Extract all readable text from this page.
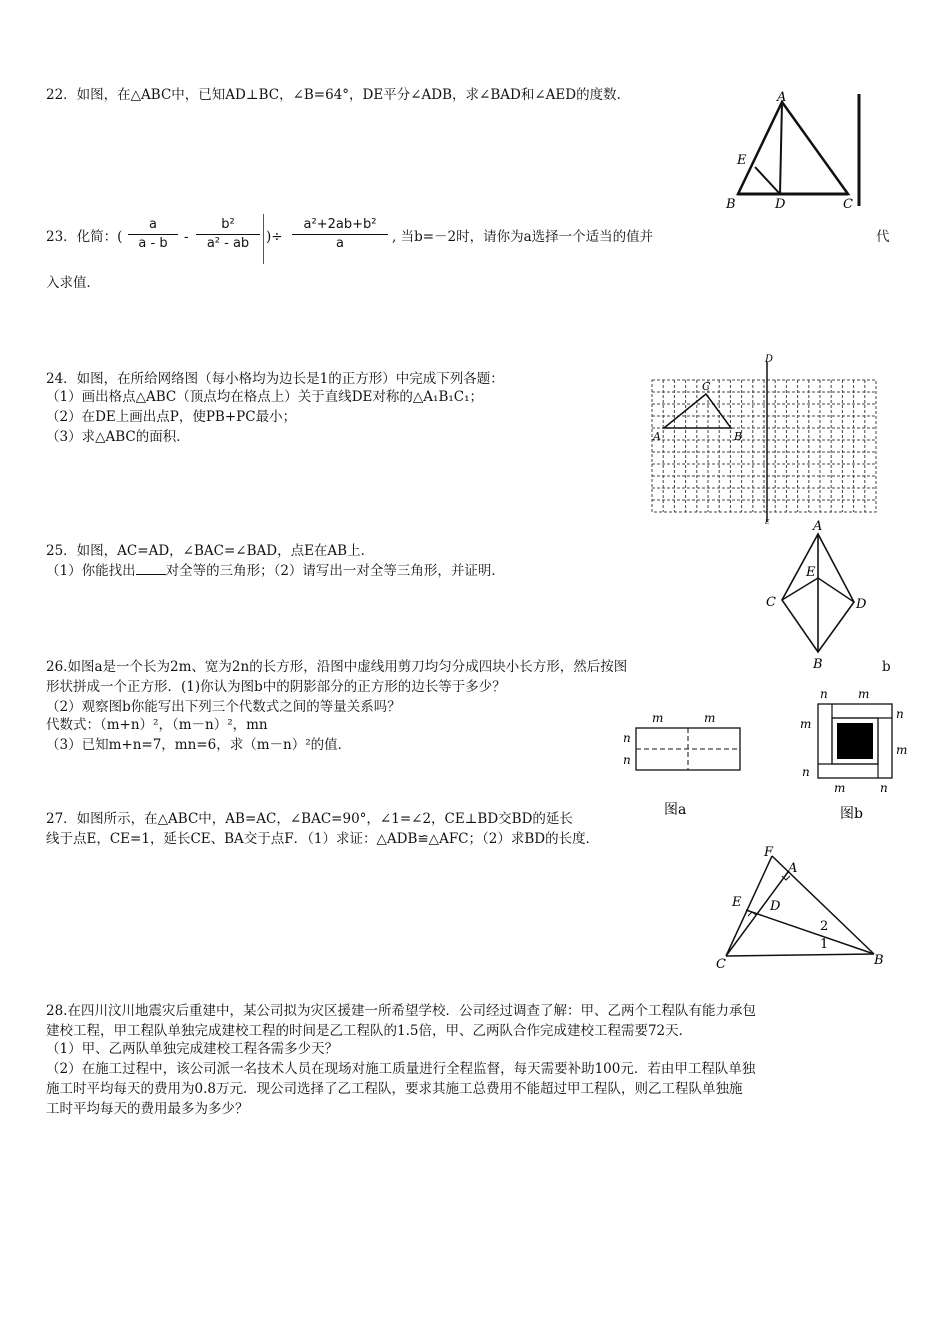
22．如图，在△ABC中，已知AD⊥BC，∠B=64°，DE平分∠ADB，求∠BAD和∠AED的度数．	A
B	C
D
E
23．化简：(
a
a - b	-
b²
a² - ab	)÷
a²+2ab+b²
a	, 当b=－2时，请你为a选择一个适当的值并	代
入求值．
24．如图，在所给网络图（每小格均为边长是1的正方形）中完成下列各题：
（1）画出格点△ABC（顶点均在格点上）关于直线DE对称的△A₁B₁C₁；
（2）在DE上画出点P，使PB+PC最小；
（3）求△ABC的面积．	A	B
C
D
E
25．如图，AC=AD，∠BAC=∠BAD，点E在AB上．
（1）你能找出 对全等的三角形；（2）请写出一对全等三角形，并证明．
A
C	D
E
B
26.如图a是一个长为2m、宽为2n的长方形，沿图中虚线用剪刀均匀分成四块小长方形，然后按图	b
形状拼成一个正方形．(1)你认为图b中的阴影部分的正方形的边长等于多少？
（2）观察图b你能写出下列三个代数式之间的等量关系吗？
代数式：（m+n）²，（m－n）²，mn
（3）已知m+n=7，mn=6，求（m－n）²的值．
m	m
n
n
图a
n	m
n
m
m
n
m	n
图b
27．如图所示，在△ABC中，AB=AC，∠BAC=90°，∠1=∠2，CE⊥BD交BD的延长
线于点E，CE=1，延长CE、BA交于点F．（1）求证：△ADB≌△AFC；（2）求BD的长度．
F
A
E D
C	B
2
1
28.在四川汶川地震灾后重建中，某公司拟为灾区援建一所希望学校．公司经过调查了解：甲、乙两个工程队有能力承包
建校工程，甲工程队单独完成建校工程的时间是乙工程队的1.5倍，甲、乙两队合作完成建校工程需要72天．
（1）甲、乙两队单独完成建校工程各需多少天？
（2）在施工过程中，该公司派一名技术人员在现场对施工质量进行全程监督，每天需要补助100元．若由甲工程队单独
施工时平均每天的费用为0.8万元．现公司选择了乙工程队，要求其施工总费用不能超过甲工程队，则乙工程队单独施
工时平均每天的费用最多为多少？
